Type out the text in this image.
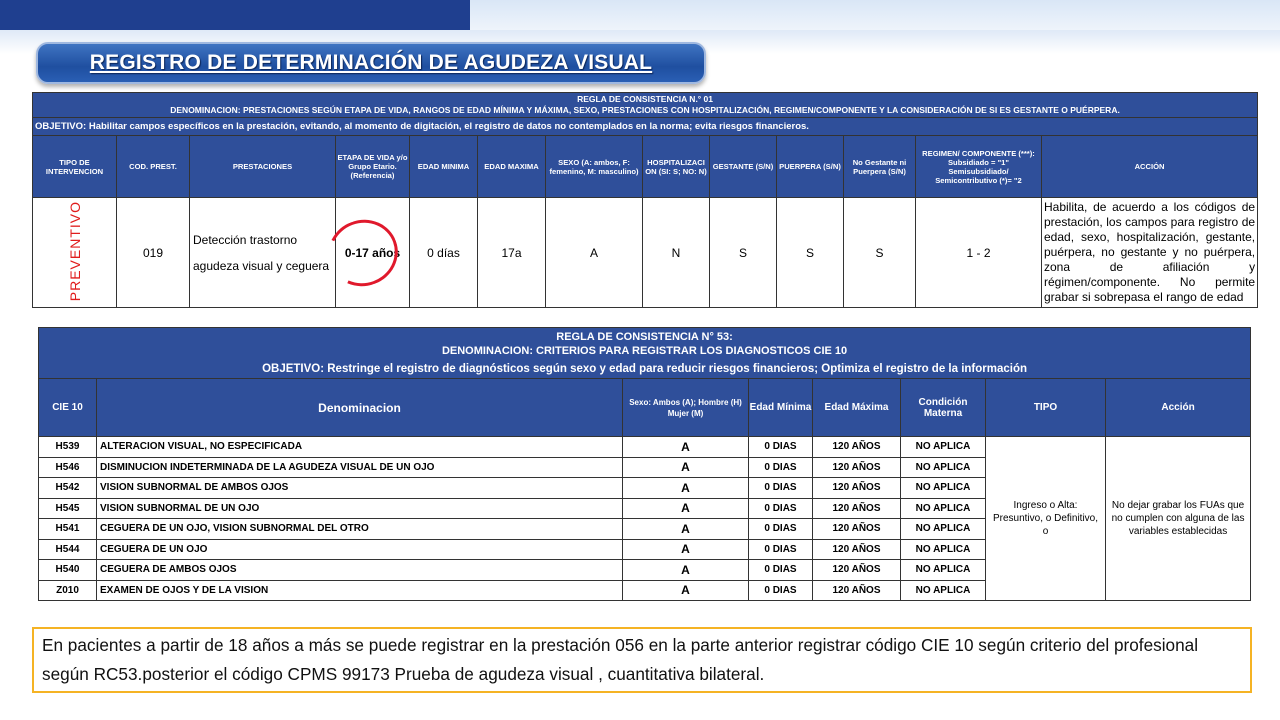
REGISTRO DE DETERMINACIÓN DE AGUDEZA VISUAL
REGLA DE CONSISTENCIA N.° 01
DENOMINACION: PRESTACIONES SEGÚN ETAPA DE VIDA, RANGOS DE EDAD MÍNIMA Y MÁXIMA, SEXO, PRESTACIONES CON HOSPITALIZACIÓN, REGIMEN/COMPONENTE Y LA CONSIDERACIÓN DE SI ES GESTANTE O PUÉRPERA.												

OBJETIVO: Habilitar campos específicos en la prestación, evitando, al momento de digitación, el registro de datos no contemplados en la norma; evita riesgos financieros.												
TIPO DE INTERVENCION	COD. PREST.	PRESTACIONES	ETAPA DE VIDA y/o Grupo Etario. (Referencia)	EDAD MINIMA	EDAD MAXIMA	SEXO (A: ambos, F: femenino, M: masculino)	HOSPITALIZACI ON (SI: S; NO: N)	GESTANTE (S/N)	PUERPERA (S/N)	No Gestante ni Puerpera (S/N)	REGIMEN/ COMPONENTE (***): Subsidiado = "1" Semisubsidiado/ Semicontributivo (*)= "2	ACCIÓN
PREVENTIVO	019	Detección trastorno agudeza visual y ceguera	0-17 años	0 días	17a	A	N	S	S	S	1 - 2	Habilita, de acuerdo a los códigos de prestación, los campos para registro de edad, sexo, hospitalización, gestante, puérpera, no gestante y no puérpera, zona de afiliación y régimen/componente. No permite grabar si sobrepasa el rango de edad
REGLA DE CONSISTENCIA N° 53:
DENOMINACION: CRITERIOS PARA REGISTRAR LOS DIAGNOSTICOS CIE 10
OBJETIVO: Restringe el registro de diagnósticos según sexo y edad para reducir riesgos financieros; Optimiza el registro de la información							

CIE 10	Denominacion	Sexo: Ambos (A); Hombre (H) Mujer (M)	Edad Mínima	Edad Máxima	Condición Materna	TIPO	Acción
H539	ALTERACION VISUAL, NO ESPECIFICADA	A	0 DIAS	120 AÑOS	NO APLICA	Ingreso o Alta: Presuntivo, o Definitivo, o	No dejar grabar los FUAs que no cumplen con alguna de las variables establecidas
H546	DISMINUCION INDETERMINADA DE LA AGUDEZA VISUAL DE UN OJO	A	0 DIAS	120 AÑOS	NO APLICA		
H542	VISION SUBNORMAL DE AMBOS OJOS	A	0 DIAS	120 AÑOS	NO APLICA		
H545	VISION SUBNORMAL DE UN OJO	A	0 DIAS	120 AÑOS	NO APLICA		
H541	CEGUERA DE UN OJO, VISION SUBNORMAL DEL OTRO	A	0 DIAS	120 AÑOS	NO APLICA		
H544	CEGUERA DE UN OJO	A	0 DIAS	120 AÑOS	NO APLICA		
H540	CEGUERA DE AMBOS OJOS	A	0 DIAS	120 AÑOS	NO APLICA		
Z010	EXAMEN DE OJOS Y DE LA VISION	A	0 DIAS	120 AÑOS	NO APLICA		
En pacientes a partir de 18 años a más se puede registrar en la prestación 056 en la parte anterior registrar código CIE 10 según criterio del profesional según RC53.posterior el código CPMS 99173 Prueba de agudeza visual , cuantitativa bilateral.
